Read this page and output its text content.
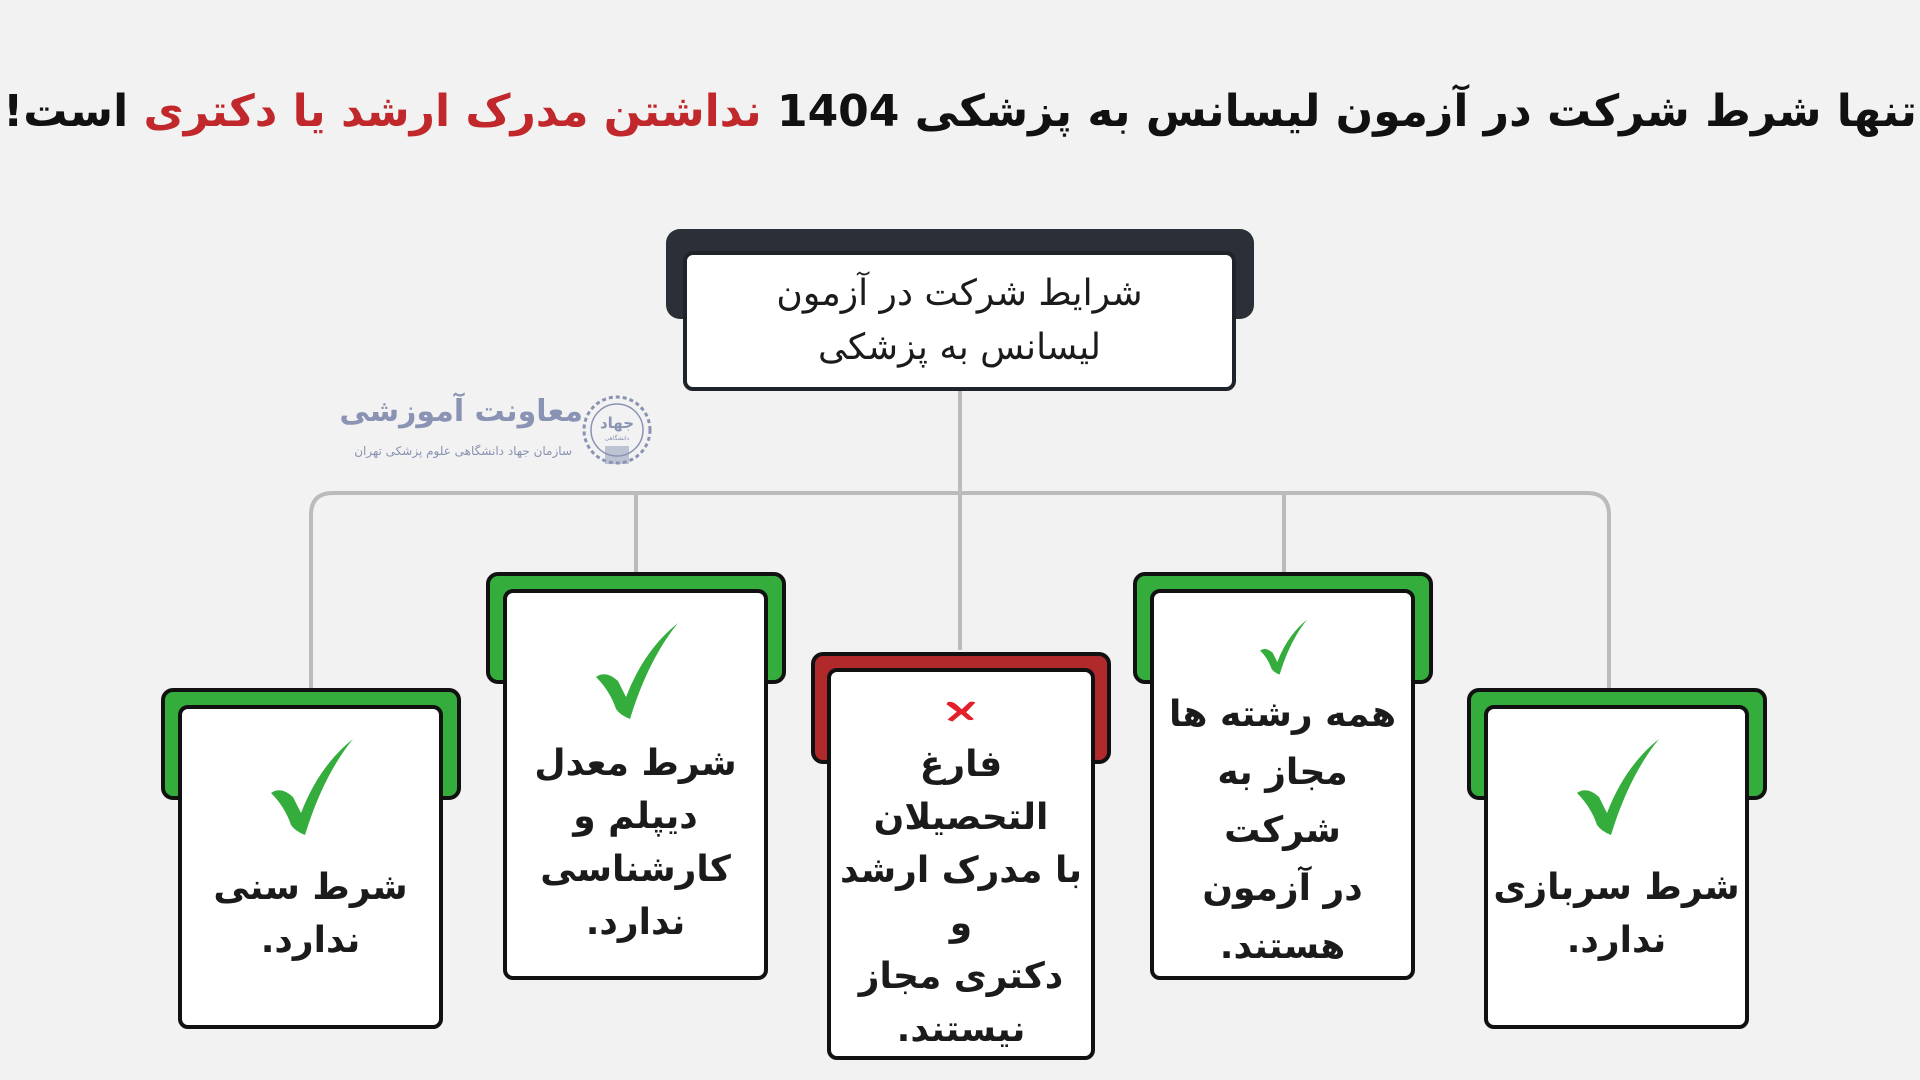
تنها شرط شرکت در آزمون لیسانس به پزشکی 1404 نداشتن مدرک ارشد یا دکتری است!
معاونت آموزشی
سازمان جهاد دانشگاهی علوم پزشکی تهران
جهاد
دانشگاهی
شرایط شرکت در آزمون
لیسانس به پزشکی
شرط سربازی
ندارد.
همه رشته ها
مجاز به شرکت
در آزمون
هستند.
فارغ التحصیلان
با مدرک ارشد و
دکتری مجاز
نیستند.
شرط معدل
دیپلم و
کارشناسی
ندارد.
شرط سنی
ندارد.
